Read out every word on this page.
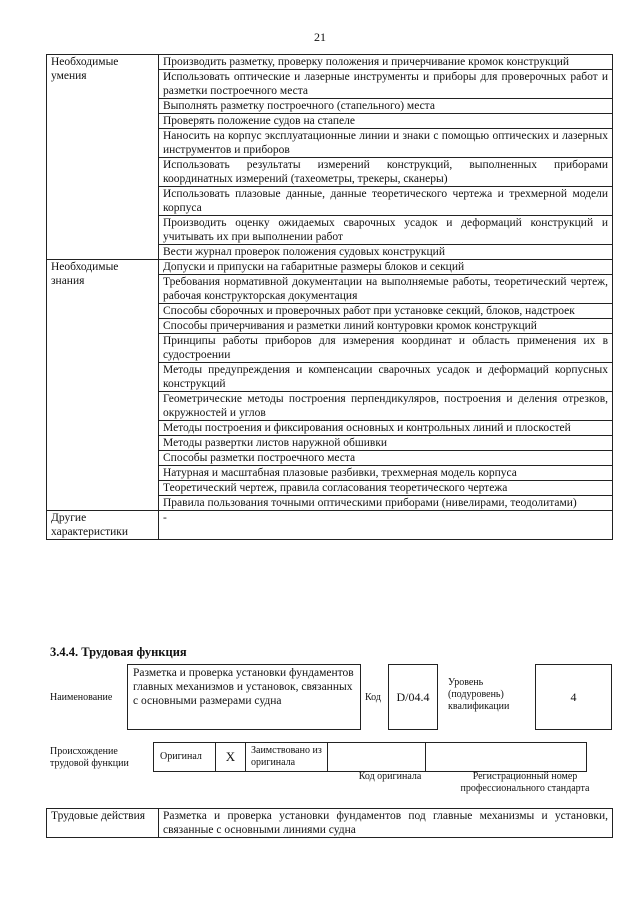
21
Необходимые умения	Производить разметку, проверку положения и причерчивание кромок конструкций
	Использовать оптические и лазерные инструменты и приборы для проверочных работ и разметки построечного места
	Выполнять разметку построечного (стапельного) места
	Проверять положение судов на стапеле
	Наносить на корпус эксплуатационные линии и знаки с помощью оптических и лазерных инструментов и приборов
	Использовать результаты измерений конструкций, выполненных приборами координатных измерений (тахеометры, трекеры, сканеры)
	Использовать плазовые данные, данные теоретического чертежа и трехмерной модели корпуса
	Производить оценку ожидаемых сварочных усадок и деформаций конструкций и учитывать их при выполнении работ
	Вести журнал проверок положения судовых конструкций
Необходимые знания	Допуски и припуски на габаритные размеры блоков и секций
	Требования нормативной документации на выполняемые работы, теоретический чертеж, рабочая конструкторская документация
	Способы сборочных и проверочных работ при установке секций, блоков, надстроек
	Способы причерчивания и разметки линий контуровки кромок конструкций
	Принципы работы приборов для измерения координат и область применения их в судостроении
	Методы предупреждения и компенсации сварочных усадок и деформаций корпусных конструкций
	Геометрические методы построения перпендикуляров, построения и деления отрезков, окружностей и углов
	Методы построения и фиксирования основных и контрольных линий и плоскостей
	Методы развертки листов наружной обшивки
	Способы разметки построечного места
	Натурная и масштабная плазовые разбивки, трехмерная модель корпуса
	Теоретический чертеж, правила согласования теоретического чертежа
	Правила пользования точными оптическими приборами (нивелирами, теодолитами)
Другие характеристики	-
3.4.4. Трудовая функция
Наименование
Разметка и проверка установки фундаментов главных механизмов и установок, связанных с основными размерами судна	Код	D/04.4
Уровень (подуровень) квалификации
4
Происхождение трудовой функции
Оригинал	X	Заимствовано из оригинала
Код оригинала	Регистрационный номер профессионального стандарта
Трудовые действия	Разметка и проверка установки фундаментов под главные механизмы и установки, связанные с основными линиями судна
